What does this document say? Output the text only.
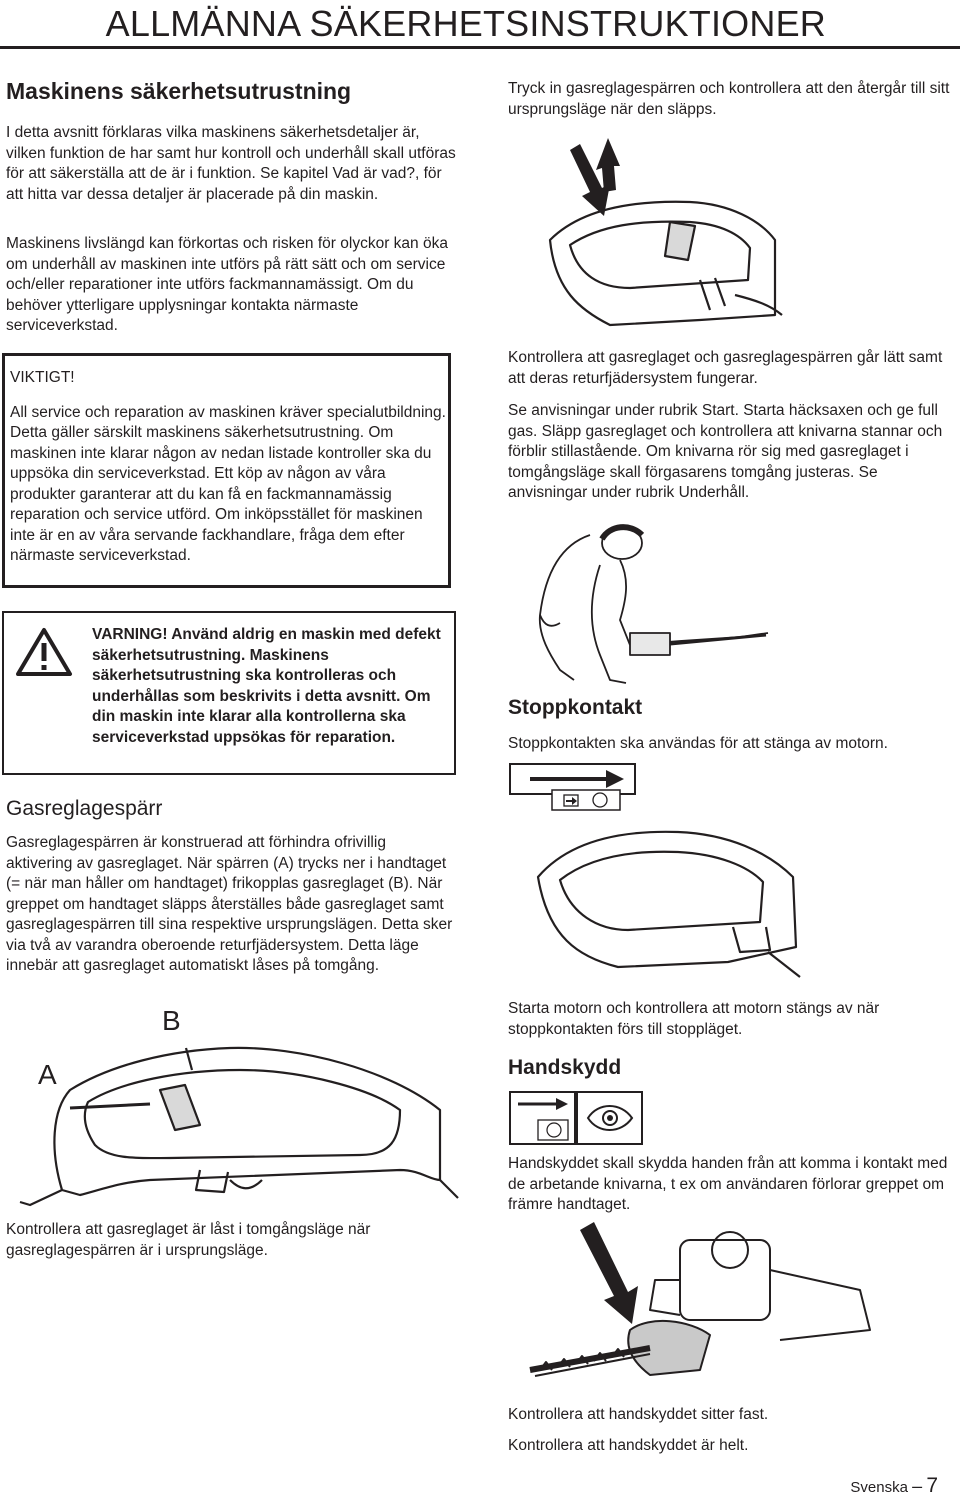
ALLMÄNNA SÄKERHETSINSTRUKTIONER
Maskinens säkerhetsutrustning

I detta avsnitt förklaras vilka maskinens säkerhetsdetaljer är, vilken funktion de har samt hur kontroll och underhåll skall utföras för att säkerställa att de är i funktion. Se kapitel Vad är vad?, för att hitta var dessa detaljer är placerade på din maskin.

Maskinens livslängd kan förkortas och risken för olyckor kan öka om underhåll av maskinen inte utförs på rätt sätt och om service och/eller reparationer inte utförs fackmannamässigt. Om du behöver ytterligare upplysningar kontakta närmaste serviceverkstad.

VIKTIGT!

All service och reparation av maskinen kräver specialutbildning. Detta gäller särskilt maskinens säkerhetsutrustning. Om maskinen inte klarar någon av nedan listade kontroller ska du uppsöka din serviceverkstad. Ett köp av någon av våra produkter garanterar att du kan få en fackmannamässig reparation och service utförd. Om inköpsstället för maskinen inte är en av våra servande fackhandlare, fråga dem efter närmaste serviceverkstad.

VARNING! Använd aldrig en maskin med defekt säkerhetsutrustning. Maskinens säkerhetsutrustning ska kontrolleras och underhållas som beskrivits i detta avsnitt. Om din maskin inte klarar alla kontrollerna ska serviceverkstad uppsökas för reparation.

Gasreglagespärr

Gasreglagespärren är konstruerad att förhindra ofrivillig aktivering av gasreglaget. När spärren (A) trycks ner i handtaget (= när man håller om handtaget) frikopplas gasreglaget (B). När greppet om handtaget släpps återställes både gasreglaget samt gasreglagespärren till sina respektive ursprungslägen. Detta sker via två av varandra oberoende returfjädersystem. Detta läge innebär att gasreglaget automatiskt låses på tomgång.

B
A

Kontrollera att gasreglaget är låst i tomgångsläge när gasreglagespärren är i ursprungsläge.

Tryck in gasreglagespärren och kontrollera att den återgår till sitt ursprungsläge när den släpps.

Kontrollera att gasreglaget och gasreglagespärren går lätt samt att deras returfjädersystem fungerar.

Se anvisningar under rubrik Start. Starta häcksaxen och ge full gas. Släpp gasreglaget och kontrollera att knivarna stannar och förblir stillastående. Om knivarna rör sig med gasreglaget i tomgångsläge skall förgasarens tomgång justeras. Se anvisningar under rubrik Underhåll.

Stoppkontakt

Stoppkontakten ska användas för att stänga av motorn.

Starta motorn och kontrollera att motorn stängs av när stoppkontakten förs till stoppläget.

Handskydd

Handskyddet skall skydda handen från att komma i kontakt med de arbetande knivarna, t ex om användaren förlorar greppet om främre handtaget.

Kontrollera att handskyddet sitter fast.

Kontrollera att handskyddet är helt.

Svenska – 7
